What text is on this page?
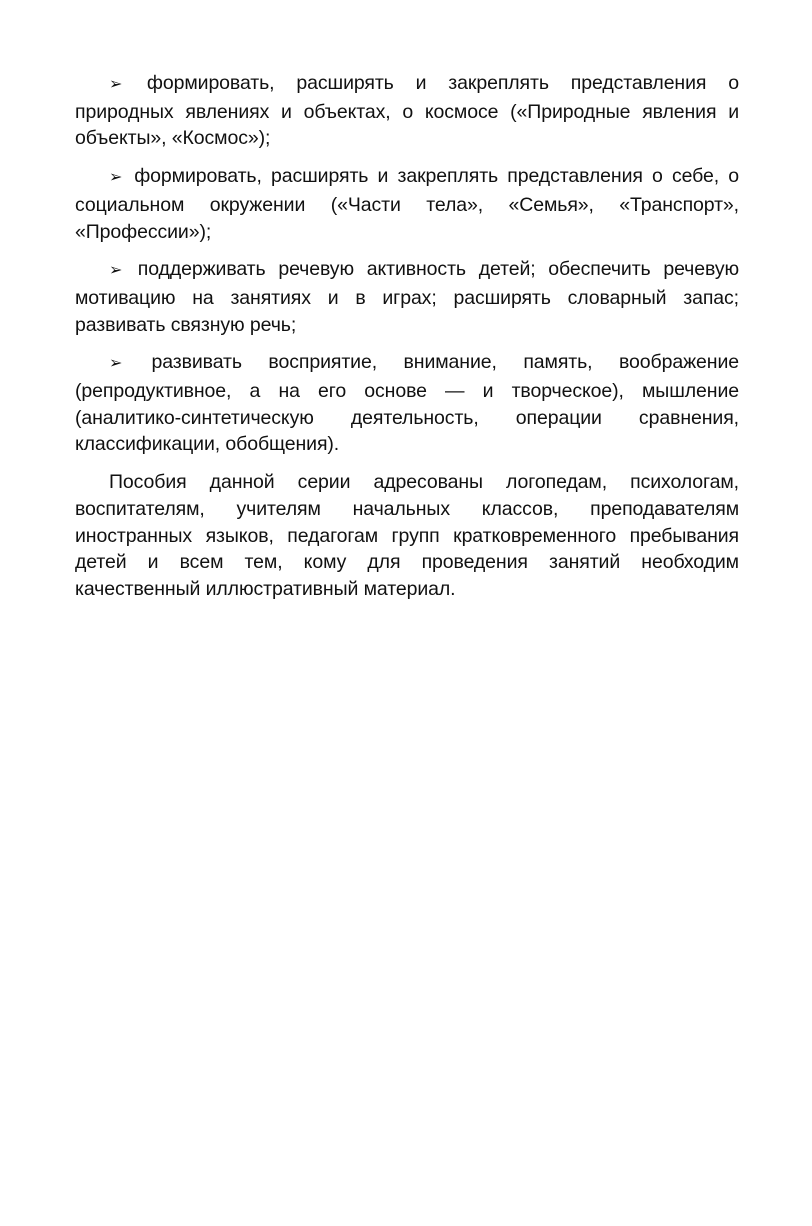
➢ формировать, расширять и закреплять представления о природных явлениях и объектах, о космосе («Природные явления и объекты», «Космос»);

➢ формировать, расширять и закреплять представления о себе, о социальном окружении («Части тела», «Семья», «Транспорт», «Профессии»);

➢ поддерживать речевую активность детей; обеспечить речевую мотивацию на занятиях и в играх; расширять словарный запас; развивать связную речь;

➢ развивать восприятие, внимание, память, воображение (репродуктивное, а на его основе — и творческое), мышление (аналитико-синтетическую деятельность, операции сравнения, классификации, обобщения).

Пособия данной серии адресованы логопедам, психологам, воспитателям, учителям начальных классов, преподавателям иностранных языков, педагогам групп кратковременного пребывания детей и всем тем, кому для проведения занятий необходим качественный иллюстративный материал.
